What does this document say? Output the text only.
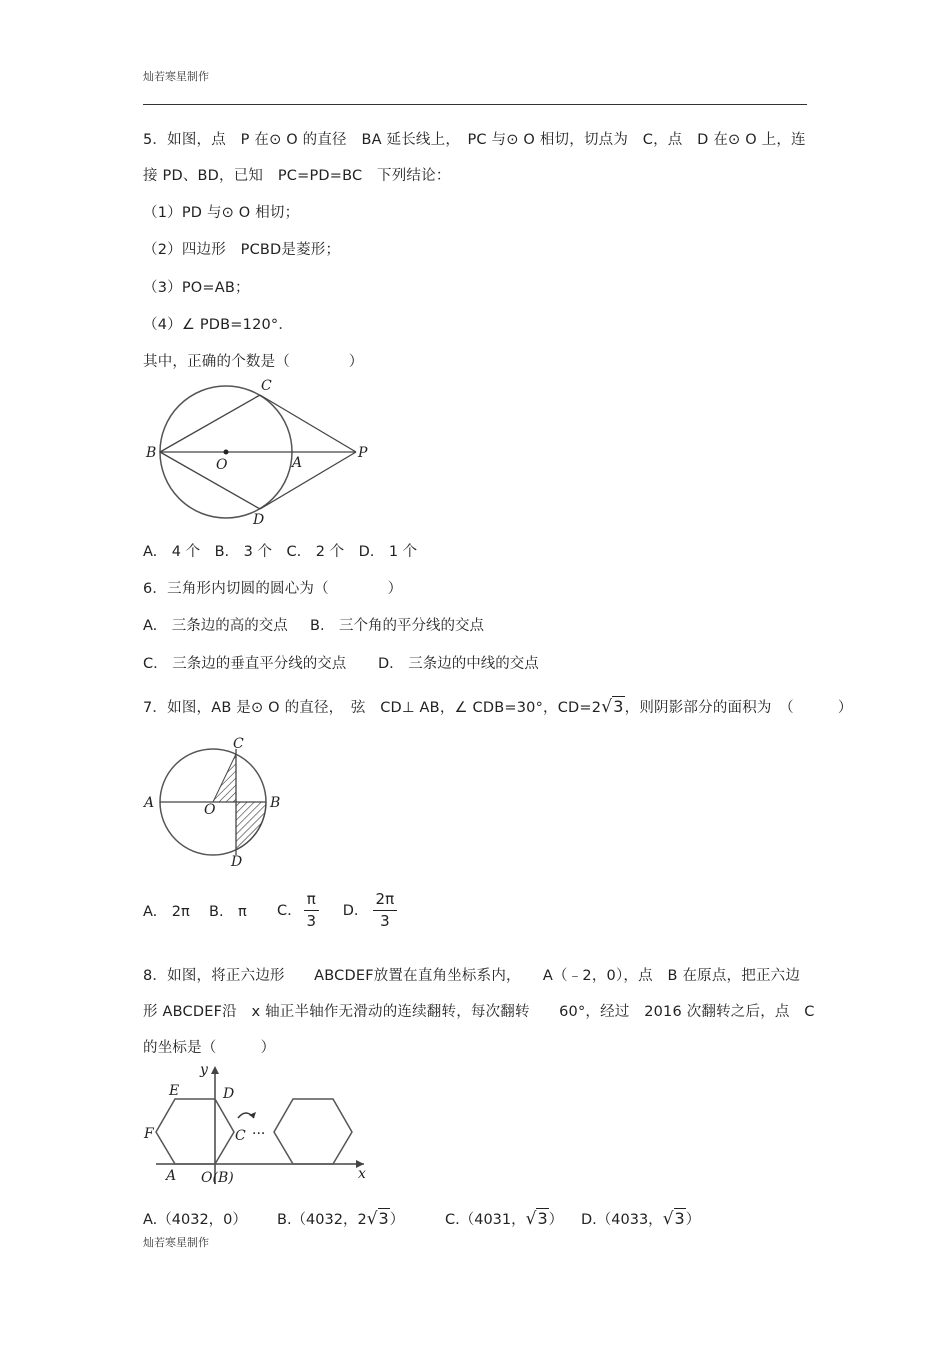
灿若寒星制作
5．如图，点　P 在⊙ O 的直径　BA 延长线上，　PC 与⊙ O 相切，切点为　C，点　D 在⊙ O 上，连
接 PD、BD，已知　PC=PD=BC　下列结论：
（1）PD 与⊙ O 相切；
（2）四边形　PCBD是菱形；
（3）PO=AB；
（4）∠ PDB=120°．
其中，正确的个数是（　　　　）
B
C
O	A
P
D
A.　4 个　B.　3 个　C.　2 个　D.　1 个
6．三角形内切圆的圆心为（　　　　）
A.　三条边的高的交点 B.　三个角的平分线的交点
C.　三条边的垂直平分线的交点 D.　三条边的中线的交点
7．如图，AB 是⊙ O 的直径，　弦　CD⊥ AB，∠ CDB=30°，CD=2√3，则阴影部分的面积为　（　　　）
C
A	O	B
D
A.　2π	B.　π	C. $\frac{\pi}{3} D$. $\frac{2\pi}{3}$
8．如图，将正六边形　　ABCDEF放置在直角坐标系内，　　A（﹣2，0），点　B 在原点，把正六边
形 ABCDEF沿　x 轴正半轴作无滑动的连续翻转，每次翻转　　60°，经过　2016 次翻转之后，点　C
的坐标是（　　　）
y
x
E	D
F	C ···
A O(B)
A.（4032，0）	B.（4032，2√3）	C.（4031，√3）	D.（4033，√3）
灿若寒星制作
